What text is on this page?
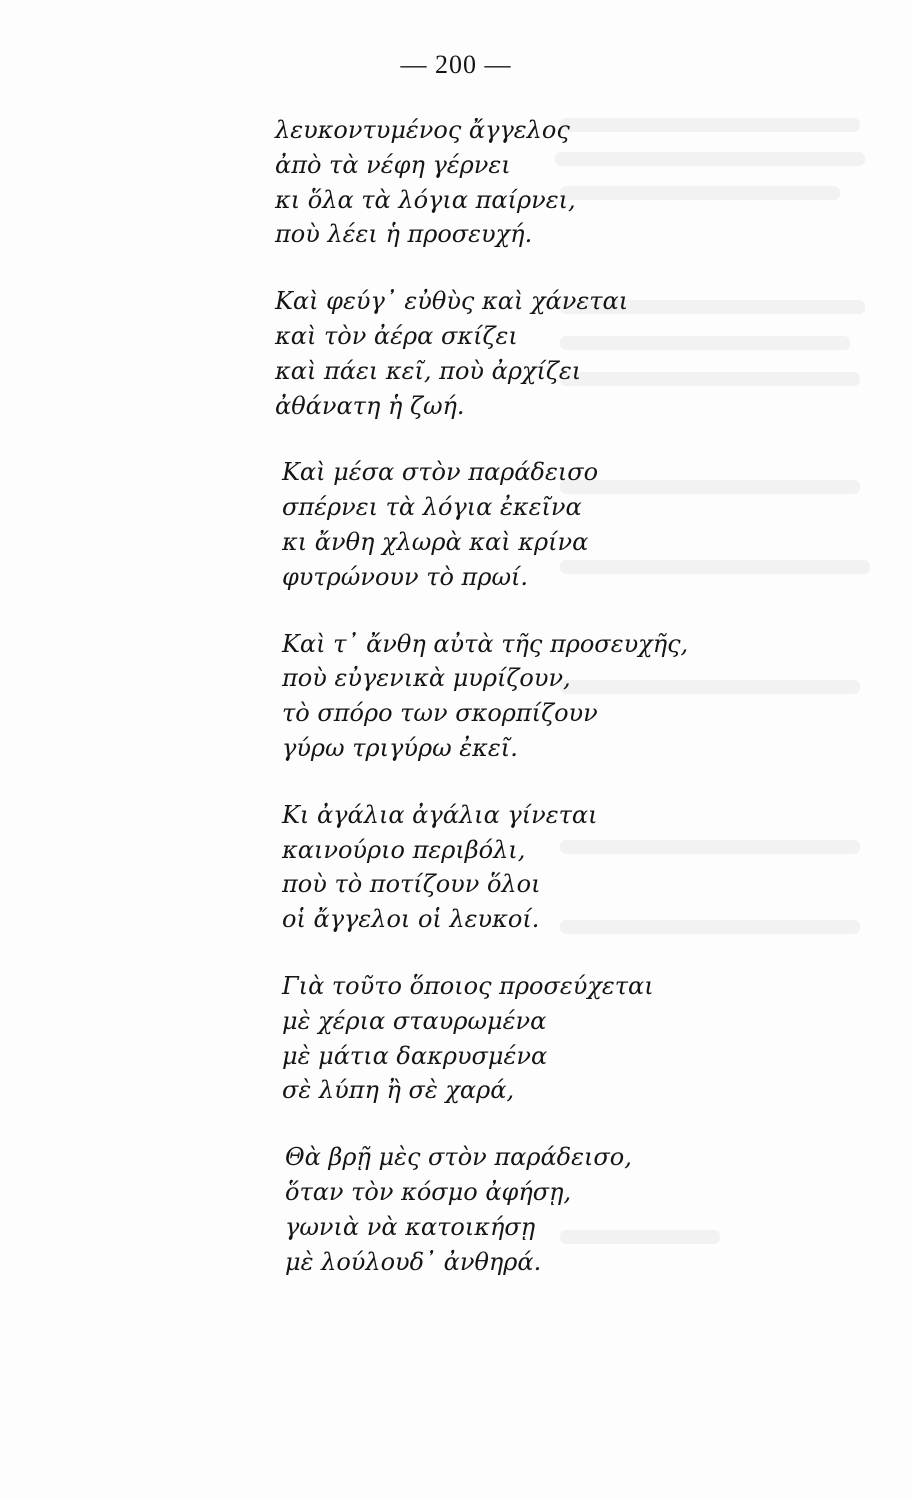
— 200 —
λευκοντυμένος ἄγγελος
ἀπὸ τὰ νέφη γέρνει
κι ὅλα τὰ λόγια παίρνει,
ποὺ λέει ἡ προσευχή.
Καὶ φεύγ᾽ εὐθὺς καὶ χάνεται
καὶ τὸν ἀέρα σκίζει
καὶ πάει κεῖ, ποὺ ἀρχίζει
ἀθάνατη ἡ ζωή.
Καὶ μέσα στὸν παράδεισο
σπέρνει τὰ λόγια ἐκεῖνα
κι ἄνθη χλωρὰ καὶ κρίνα
φυτρώνουν τὸ πρωί.
Καὶ τ᾽ ἄνθη αὐτὰ τῆς προσευχῆς,
ποὺ εὐγενικὰ μυρίζουν,
τὸ σπόρο των σκορπίζουν
γύρω τριγύρω ἐκεῖ.
Κι ἀγάλια ἀγάλια γίνεται
καινούριο περιβόλι,
ποὺ τὸ ποτίζουν ὅλοι
οἱ ἄγγελοι οἱ λευκοί.
Γιὰ τοῦτο ὅποιος προσεύχεται
μὲ χέρια σταυρωμένα
μὲ μάτια δακρυσμένα
σὲ λύπη ἢ σὲ χαρά,
Θὰ βρῇ μὲς στὸν παράδεισο,
ὅταν τὸν κόσμο ἀφήσῃ,
γωνιὰ νὰ κατοικήσῃ
μὲ λούλουδ᾽ ἀνθηρά.
